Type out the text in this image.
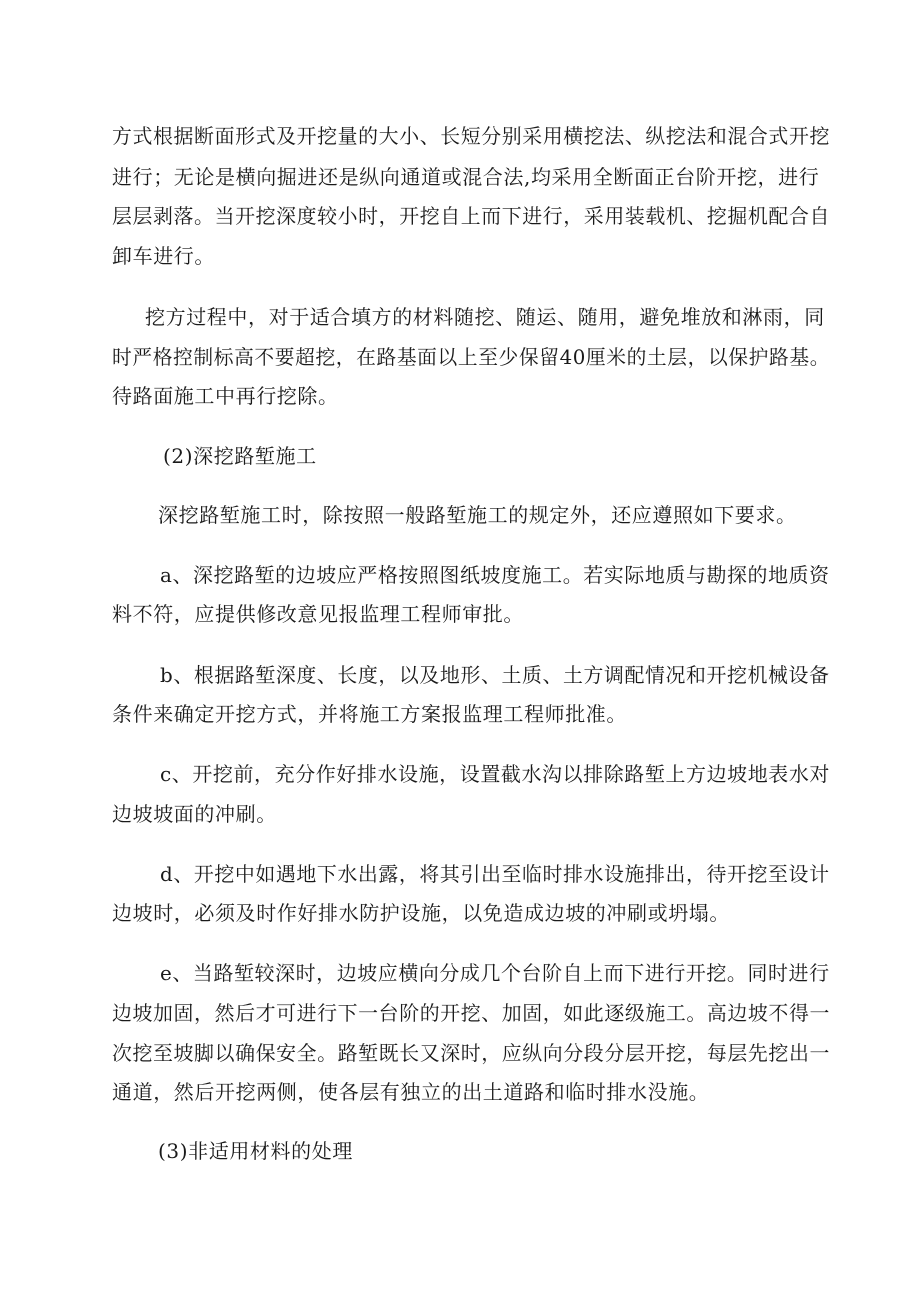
方式根据断面形式及开挖量的大小、长短分别采用横挖法、纵挖法和混合式开挖
进行；无论是横向掘进还是纵向通道或混合法,均采用全断面正台阶开挖，进行
层层剥落。当开挖深度较小时，开挖自上而下进行，采用装载机、挖掘机配合自
卸车进行。
挖方过程中，对于适合填方的材料随挖、随运、随用，避免堆放和淋雨，同
时严格控制标高不要超挖，在路基面以上至少保留40厘米的土层，以保护路基。
待路面施工中再行挖除。
(2)深挖路堑施工
深挖路堑施工时，除按照一般路堑施工的规定外，还应遵照如下要求。
a、深挖路堑的边坡应严格按照图纸坡度施工。若实际地质与勘探的地质资
料不符，应提供修改意见报监理工程师审批。
b、根据路堑深度、长度，以及地形、土质、土方调配情况和开挖机械设备
条件来确定开挖方式，并将施工方案报监理工程师批准。
c、开挖前，充分作好排水设施，设置截水沟以排除路堑上方边坡地表水对
边坡坡面的冲刷。
d、开挖中如遇地下水出露，将其引出至临时排水设施排出，待开挖至设计
边坡时，必须及时作好排水防护设施，以免造成边坡的冲刷或坍塌。
e、当路堑较深时，边坡应横向分成几个台阶自上而下进行开挖。同时进行
边坡加固，然后才可进行下一台阶的开挖、加固，如此逐级施工。高边坡不得一
次挖至坡脚以确保安全。路堑既长又深时，应纵向分段分层开挖，每层先挖出一
通道，然后开挖两侧，使各层有独立的出土道路和临时排水没施。
(3)非适用材料的处理
